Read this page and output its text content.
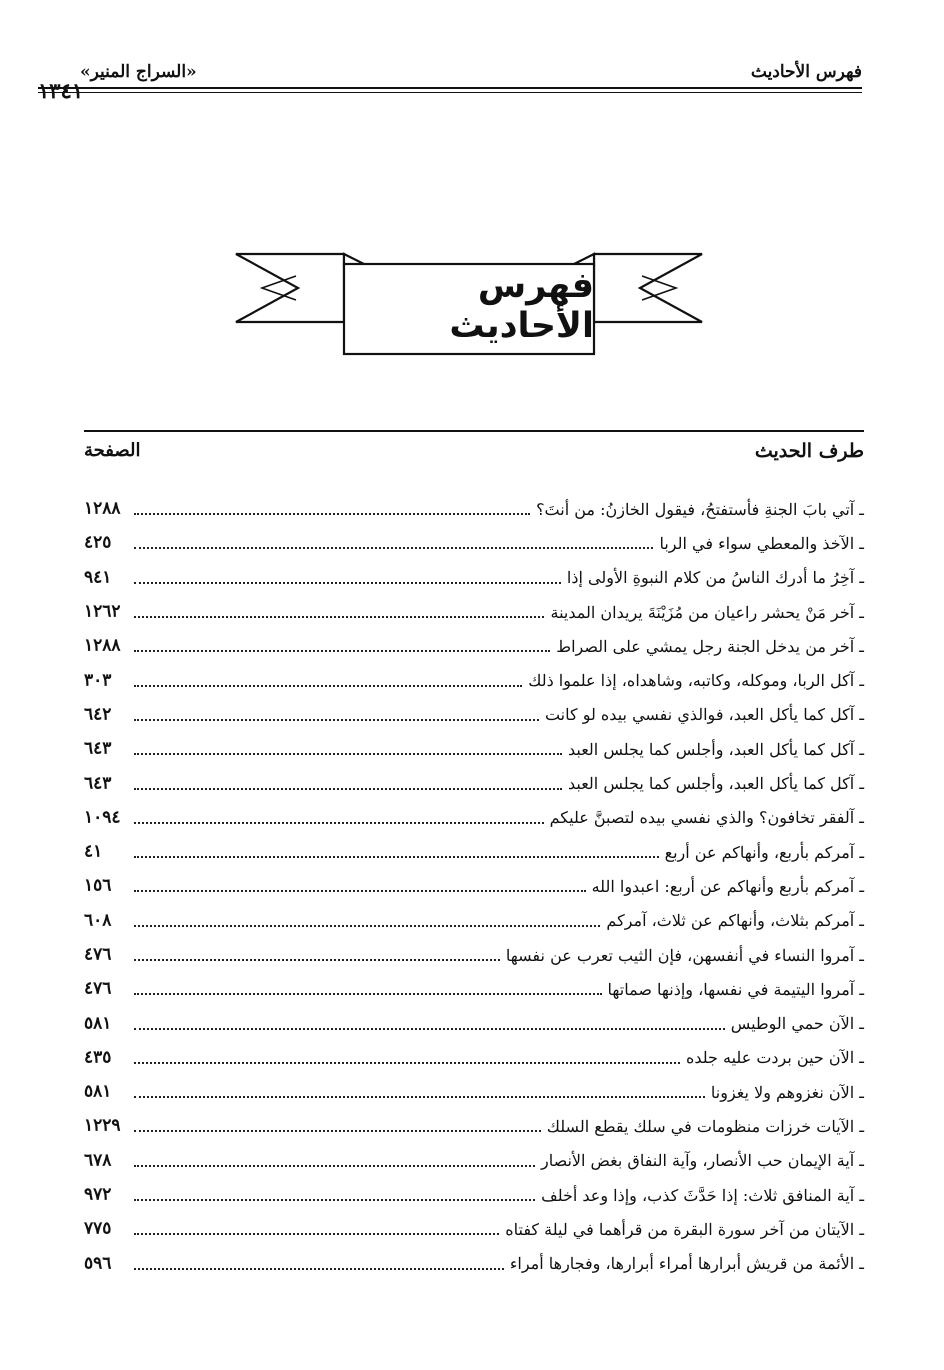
فهرس الأحاديث
«السراج المنير»
١٣٤١
فهرس الأحاديث
طرف الحديث
الصفحة
ـ آتي بابَ الجنةِ فأستفتحُ، فيقول الخازنُ: من أنتَ؟
١٢٨٨
ـ الآخذ والمعطي سواء في الربا
٤٢٥
ـ آخِرُ ما أدرك الناسُ من كلام النبوةِ الأولى إذا
٩٤١
ـ آخر مَنْ يحشر راعيان من مُزَيْنَةَ يريدان المدينة
١٢٦٢
ـ آخر من يدخل الجنة رجل يمشي على الصراط
١٢٨٨
ـ آكل الربا، وموكله، وكاتبه، وشاهداه، إذا علموا ذلك
٣٠٣
ـ آكل كما يأكل العبد، فوالذي نفسي بيده لو كانت
٦٤٢
ـ آكل كما يأكل العبد، وأجلس كما يجلس العبد
٦٤٣
ـ آكل كما يأكل العبد، وأجلس كما يجلس العبد
٦٤٣
ـ آلفقر تخافون؟ والذي نفسي بيده لتصبنَّ عليكم
١٠٩٤
ـ آمركم بأربع، وأنهاكم عن أربع
٤١
ـ آمركم بأربع وأنهاكم عن أربع: اعبدوا الله
١٥٦
ـ آمركم بثلاث، وأنهاكم عن ثلاث، آمركم
٦٠٨
ـ آمروا النساء في أنفسهن، فإن الثيب تعرب عن نفسها
٤٧٦
ـ آمروا اليتيمة في نفسها، وإذنها صماتها
٤٧٦
ـ الآن حمي الوطيس
٥٨١
ـ الآن حين بردت عليه جلده
٤٣٥
ـ الآن نغزوهم ولا يغزونا
٥٨١
ـ الآيات خرزات منظومات في سلك يقطع السلك
١٢٢٩
ـ آية الإيمان حب الأنصار، وآية النفاق بغض الأنصار
٦٧٨
ـ آية المنافق ثلاث: إذا حَدَّثَ كذب، وإذا وعد أخلف
٩٧٢
ـ الآيتان من آخر سورة البقرة من قرأهما في ليلة كفتاه
٧٧٥
ـ الأئمة من قريش أبرارها أمراء أبرارها، وفجارها أمراء
٥٩٦
